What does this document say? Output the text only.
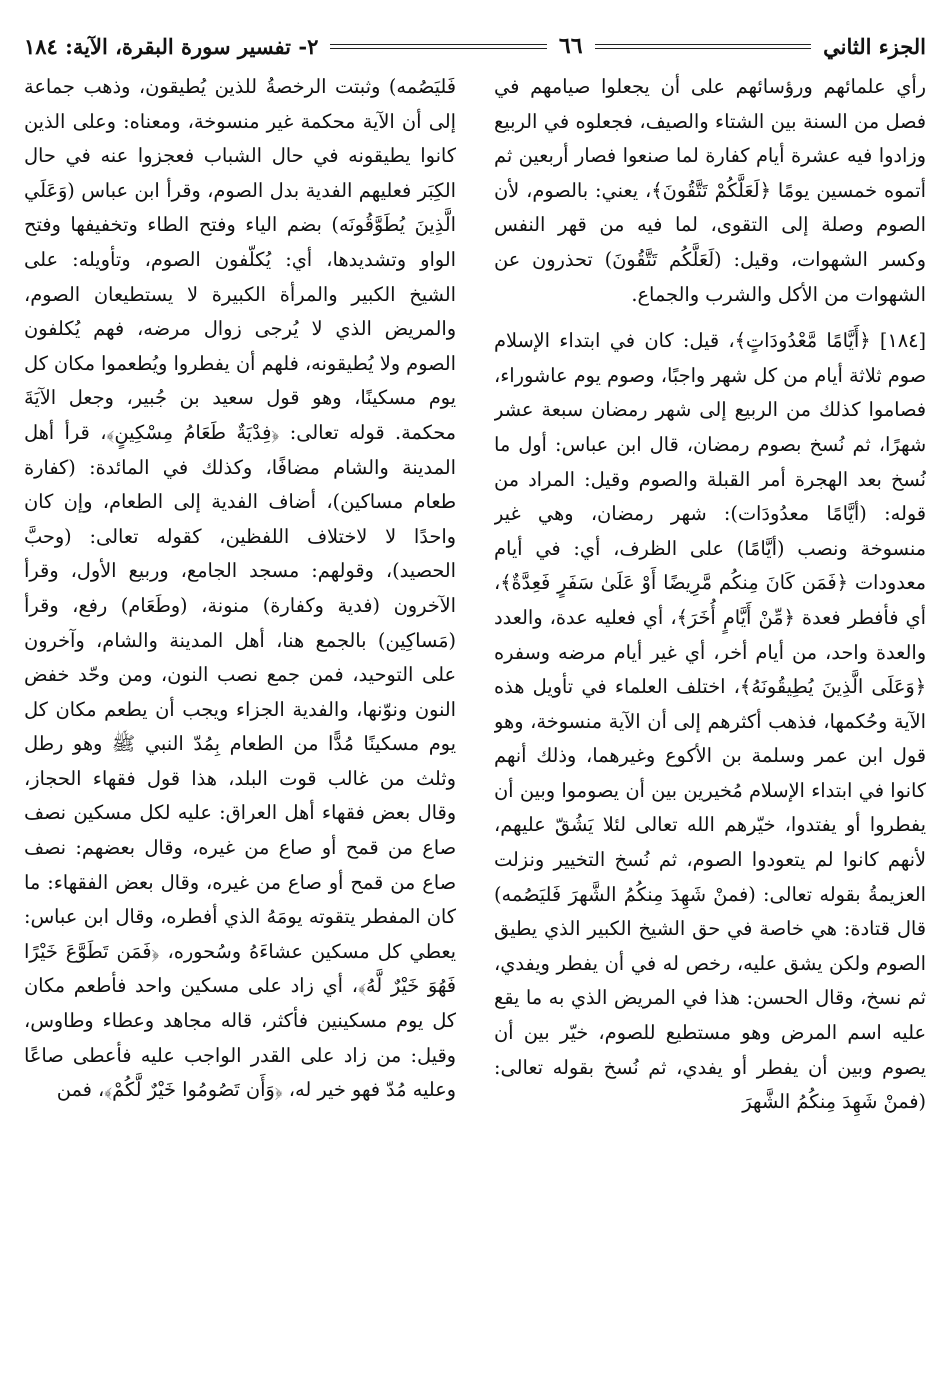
الجزء الثاني
٦٦
٢- تفسير سورة البقرة، الآية: ١٨٤

رأي علمائهم ورؤسائهم على أن يجعلوا صيامهم في فصل من السنة بين الشتاء والصيف، فجعلوه في الربيع وزادوا فيه عشرة أيام كفارة لما صنعوا فصار أربعين ثم أتموه خمسين يومًا ﴿لَعَلَّكُمْ تَتَّقُونَ﴾، يعني: بالصوم، لأن الصوم وصلة إلى التقوى، لما فيه من قهر النفس وكسر الشهوات، وقيل: (لَعَلَّكُم تَتَّقُونَ) تحذرون عن الشهوات من الأكل والشرب والجماع.

[١٨٤] ﴿أَيَّامًا مَّعْدُودَاتٍ﴾، قيل: كان في ابتداء الإسلام صوم ثلاثة أيام من كل شهر واجبًا، وصوم يوم عاشوراء، فصاموا كذلك من الربيع إلى شهر رمضان سبعة عشر شهرًا، ثم نُسخ بصوم رمضان، قال ابن عباس: أول ما نُسخ بعد الهجرة أمر القبلة والصوم وقيل: المراد من قوله: (أيَّامًا معدُودَات): شهر رمضان، وهي غير منسوخة ونصب (أيَّامًا) على الظرف، أي: في أيام معدودات ﴿فَمَن كَانَ مِنكُم مَّرِيضًا أَوْ عَلَىٰ سَفَرٍ فَعِدَّةٌ﴾، أي فأفطر فعدة ﴿مِّنْ أَيَّامٍ أُخَرَ﴾، أي فعليه عدة، والعدد والعدة واحد، من أيام أخر، أي غير أيام مرضه وسفره ﴿وَعَلَى الَّذِينَ يُطِيقُونَهُ﴾، اختلف العلماء في تأويل هذه الآية وحُكمها، فذهب أكثرهم إلى أن الآية منسوخة، وهو قول ابن عمر وسلمة بن الأكوع وغيرهما، وذلك أنهم كانوا في ابتداء الإسلام مُخيرين بين أن يصوموا وبين أن يفطروا أو يفتدوا، خيّرهم الله تعالى لئلا يَشُقّ عليهم، لأنهم كانوا لم يتعودوا الصوم، ثم نُسخ التخيير ونزلت العزيمةُ بقوله تعالى: (فمنْ شَهِدَ مِنكُمُ الشَّهرَ فَليَصُمه) قال قتادة: هي خاصة في حق الشيخ الكبير الذي يطيق الصوم ولكن يشق عليه، رخص له في أن يفطر ويفدي، ثم نسخ، وقال الحسن: هذا في المريض الذي به ما يقع عليه اسم المرض وهو مستطيع للصوم، خيّر بين أن يصوم وبين أن يفطر أو يفدي، ثم نُسخ بقوله تعالى: (فمنْ شَهِدَ مِنكُمُ الشَّهرَ

فَليَصُمه) وثبتت الرخصةُ للذين يُطيقون، وذهب جماعة إلى أن الآية محكمة غير منسوخة، ومعناه: وعلى الذين كانوا يطيقونه في حال الشباب فعجزوا عنه في حال الكِبَر فعليهم الفدية بدل الصوم، وقرأ ابن عباس (وَعَلَي الَّذِينَ يُطَوَّقُونَه) بضم الياء وفتح الطاء وتخفيفها وفتح الواو وتشديدها، أي: يُكلّفون الصوم، وتأويله: على الشيخ الكبير والمرأة الكبيرة لا يستطيعان الصوم، والمريض الذي لا يُرجى زوال مرضه، فهم يُكلفون الصوم ولا يُطيقونه، فلهم أن يفطروا ويُطعموا مكان كل يوم مسكينًا، وهو قول سعيد بن جُبير، وجعل الآيَةَ محكمة. قوله تعالى: ﴿فِدْيَةٌ طَعَامُ مِسْكِينٍ﴾، قرأ أهل المدينة والشام مضافًا، وكذلك في المائدة: (كفارة طعام مساكين)، أضاف الفدية إلى الطعام، وإن كان واحدًا لا لاختلاف اللفظين، كقوله تعالى: (وحبَّ الحصيد)، وقولهم: مسجد الجامع، وربيع الأول، وقرأ الآخرون (فدية وكفارة) منونة، (وطَعَام) رفع، وقرأ (مَساكِين) بالجمع هنا، أهل المدينة والشام، وآخرون على التوحيد، فمن جمع نصب النون، ومن وحّد خفض النون ونوّنها، والفدية الجزاء ويجب أن يطعم مكان كل يوم مسكينًا مُدًّا من الطعام بِمُدّ النبي ﷺ وهو رطل وثلث من غالب قوت البلد، هذا قول فقهاء الحجاز، وقال بعض فقهاء أهل العراق: عليه لكل مسكين نصف صاع من قمح أو صاع من غيره، وقال بعضهم: نصف صاع من قمح أو صاع من غيره، وقال بعض الفقهاء: ما كان المفطر يتقوته يومَهُ الذي أفطره، وقال ابن عباس: يعطي كل مسكين عشاءَهُ وسُحوره، ﴿فَمَن تَطَوَّعَ خَيْرًا فَهُوَ خَيْرٌ لَّهُ﴾، أي زاد على مسكين واحد فأطعم مكان كل يوم مسكينين فأكثر، قاله مجاهد وعطاء وطاوس، وقيل: من زاد على القدر الواجب عليه فأعطى صاعًا وعليه مُدّ فهو خير له، ﴿وَأَن تَصُومُوا خَيْرٌ لَّكُمْ﴾، فمن
